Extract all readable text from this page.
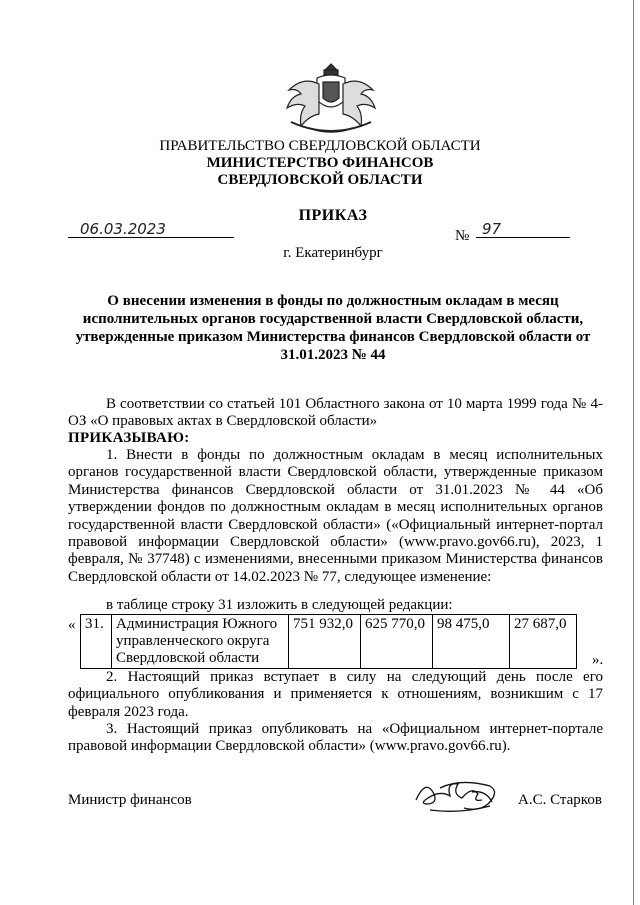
ПРАВИТЕЛЬСТВО СВЕРДЛОВСКОЙ ОБЛАСТИ
МИНИСТЕРСТВО ФИНАНСОВ
СВЕРДЛОВСКОЙ ОБЛАСТИ
ПРИКАЗ
06.03.2023	№ 97
г. Екатеринбург
О внесении изменения в фонды по должностным окладам в месяц исполнительных органов государственной власти Свердловской области, утвержденные приказом Министерства финансов Свердловской области от 31.01.2023 № 44
В соответствии со статьей 101 Областного закона от 10 марта 1999 года № 4-ОЗ «О правовых актах в Свердловской области»
ПРИКАЗЫВАЮ:
1. Внести в фонды по должностным окладам в месяц исполнительных органов государственной власти Свердловской области, утвержденные приказом Министерства финансов Свердловской области от 31.01.2023 № 44 «Об утверждении фондов по должностным окладам в месяц исполнительных органов государственной власти Свердловской области» («Официальный интернет-портал правовой информации Свердловской области» (www.pravo.gov66.ru), 2023, 1 февраля, № 37748) с изменениями, внесенными приказом Министерства финансов Свердловской области от 14.02.2023 № 77, следующее изменение:
в таблице строку 31 изложить в следующей редакции:
« 31.	Администрация Южного управленческого округа Свердловской области	751 932,0	625 770,0	98 475,0	27 687,0
».
2. Настоящий приказ вступает в силу на следующий день после его официального опубликования и применяется к отношениям, возникшим с 17 февраля 2023 года.
3. Настоящий приказ опубликовать на «Официальном интернет-портале правовой информации Свердловской области» (www.pravo.gov66.ru).
Министр финансов	А.С. Старков
